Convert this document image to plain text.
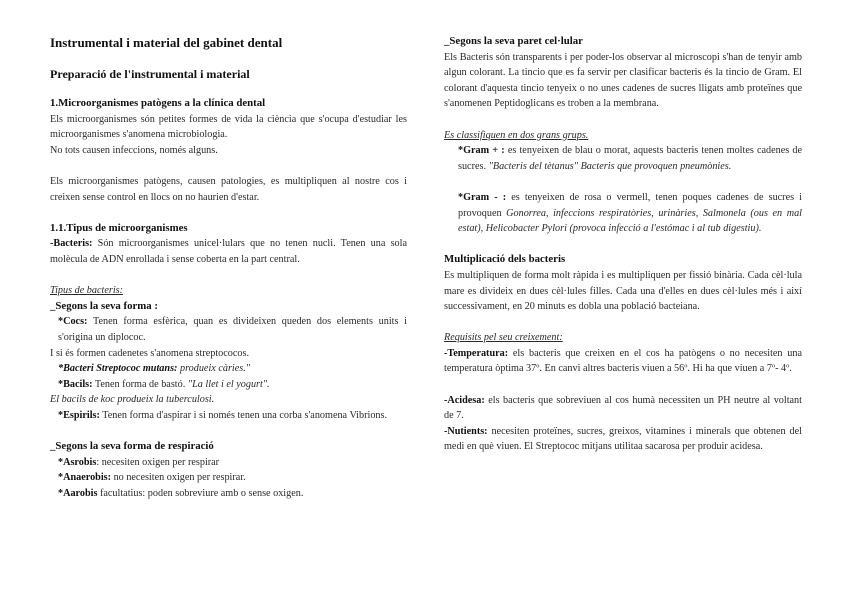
Instrumental i material del gabinet dental
Preparació de l'instrumental i material
1.Microorganismes patògens a la clínica dental

Els microorganismes són petites formes de vida la ciència que s'ocupa d'estudiar les microorganismes s'anomena microbiologia.

No tots causen infeccions, només alguns.

Els microorganismes patògens, causen patologies, es multipliquen al nostre cos i creixen sense control en llocs on no haurien d'estar.

1.1.Tipus de microorganismes

-Bacteris: Són microorganismes unicel·lulars que no tenen nucli. Tenen una sola molècula de ADN enrollada i sense coberta en la part central.

Tipus de bacteris:

_Segons la seva forma :

*Cocs: Tenen forma esfèrica, quan es divideixen queden dos elements units i s'origina un diplococ.

I si és formen cadenetes s'anomena streptococos.

*Bacteri Streptococ mutans: produeix càries."

*Bacils: Tenen forma de bastó. "La llet i el yogurt".

El bacils de koc produeix la tuberculosi.

*Espirils: Tenen forma d'aspirar i si només tenen una corba s'anomena Vibrions.

_Segons la seva forma de respiració

*Asrobis: necesiten oxigen per respirar

*Anaerobis: no necesiten oxigen per respirar.

*Aarobis facultatius: poden sobreviure amb o sense oxigen.

_Segons la seva paret cel·lular

Els Bacteris són transparents i per poder-los observar al microscopi s'han de tenyir amb algun colorant. La tincio que es fa servir per clasificar bacteris és la tincio de Gram. El colorant d'aquesta tincio tenyeix o no unes cadenes de sucres lligats amb proteïnes que s'anomenen Peptidoglicans es troben a la membrana.

Es classifiquen en dos grans grups.

*Gram + : es tenyeixen de blau o morat, aquests bacteris tenen moltes cadenes de sucres. "Bacteris del tètanus" Bacteris que provoquen pneumònies.

*Gram - : es tenyeixen de rosa o vermell, tenen poques cadenes de sucres i provoquen Gonorrea, infeccions respiratòries, urinàries, Salmonela (ous en mal estat), Helicobacter Pylori (provoca infecció a l'estómac i al tub digestiu).

Multiplicació dels bacteris

Es multipliquen de forma molt ràpida i es multipliquen per fissió binària. Cada cèl·lula mare es divideix en dues cèl·lules filles. Cada una d'elles en dues cèl·lules més i així successivament, en 20 minuts es dobla una població bacteiana.

Requisits pel seu creixement:

-Temperatura: els bacteris que creixen en el cos ha patògens o no necesiten una temperatura òptima 37º. En canvi altres bacteris viuen a 56º. Hi ha que viuen a 7º- 4º.

-Acidesa: els bacteris que sobreviuen al cos humà necessiten un PH neutre al voltant de 7.

-Nutients: necesiten proteïnes, sucres, greixos, vitamines i minerals que obtenen del medi en què viuen. El Streptococ mitjans utilitaa sacarosa per produir acidesa.
